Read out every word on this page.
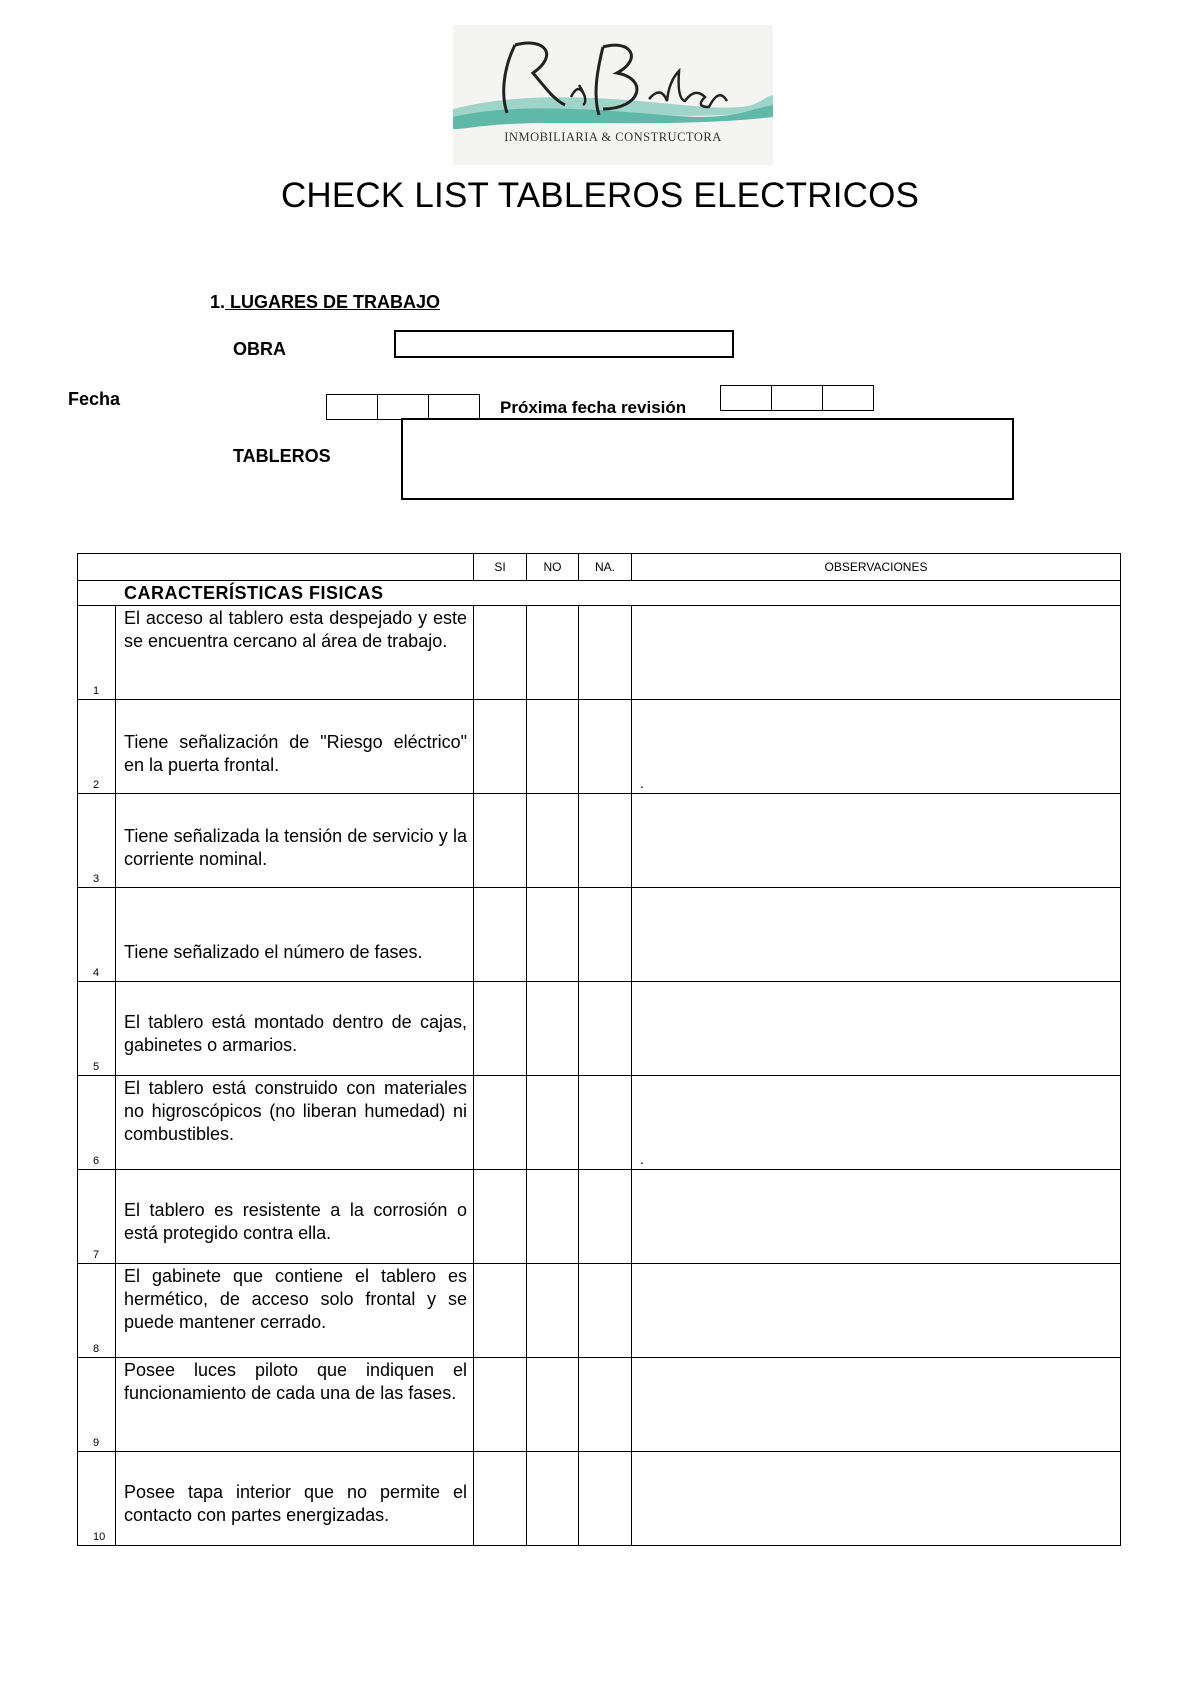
INMOBILIARIA & CONSTRUCTORA
CHECK LIST TABLEROS ELECTRICOS
1. LUGARES DE TRABAJO
OBRA
Fecha	Próxima fecha revisión
TABLEROS
		SI	NO	NA.	OBSERVACIONES
CARACTERÍSTICAS FISICAS					

1	El acceso al tablero esta despejado y este se encuentra cercano al área de trabajo.				

2	Tiene señalización de "Riesgo eléctrico" en la puerta frontal.				.

3	Tiene señalizada la tensión de servicio y la corriente nominal.				

4	Tiene señalizado el número de fases.				

5	El tablero está montado dentro de cajas, gabinetes o armarios.				

6	El tablero está construido con materiales no higroscópicos (no liberan humedad) ni combustibles.				.

7	El tablero es resistente a la corrosión o está protegido contra ella.				

8	El gabinete que contiene el tablero es hermético, de acceso solo frontal y se puede mantener cerrado.				

9	Posee luces piloto que indiquen el funcionamiento de cada una de las fases.				

10	Posee tapa interior que no permite el contacto con partes energizadas.				
